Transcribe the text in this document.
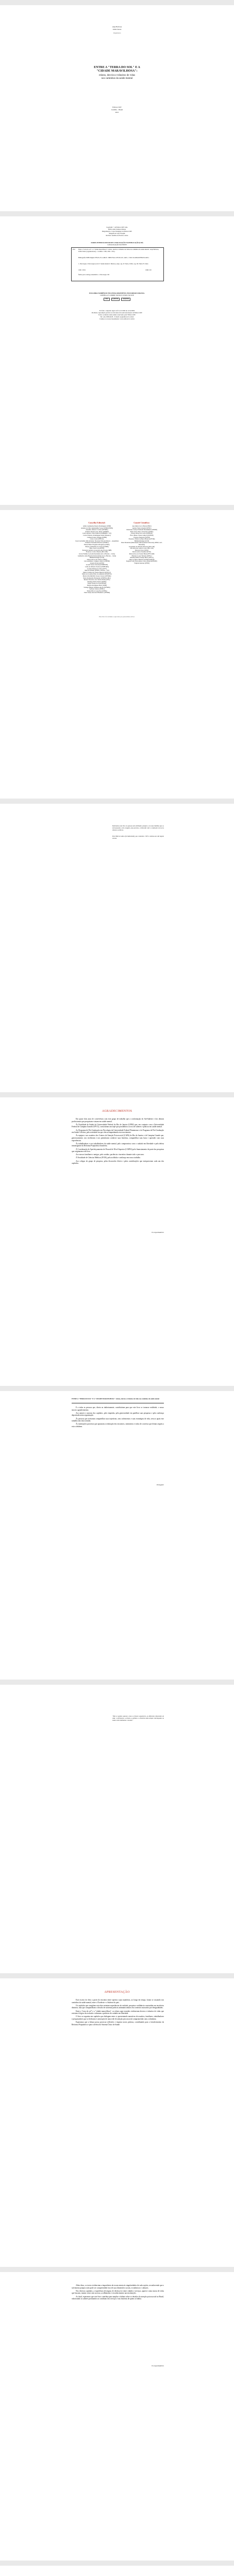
Anja Barbosa
Uilliz Vieira
Organizers
ENTRE A "TERRA DO SOL" E A
"CIDADE MARAVILHOSA":
relatos, desvios e trânsitos de vidas
nos caminhos da saúde mental
Editora CRV
Curitiba – Brasil
2021
Copyright © da Editora CRV Ltda.
Editor-chefe: Railson Moura
Diagramação e Capa: Designers da Editora CRV
Imagem de Capa: Freepik
Revisão: Analista de Escrita e Artes
DADOS INTERNACIONAIS DE CATALOGAÇÃO NA PUBLICAÇÃO (CIP)
CATALOGAÇÃO NA FONTE
E61 Entre a "terra do sol" e a "cidade maravilhosa": relatos, desvios e trânsitos de vidas nos caminhos da saúde mental / Anja Barbosa, Uilliz Vieira (organizadores) – Curitiba : CRV, 2021. 130 p.
Bibliografia ISBN Digital 978-65-251-1466-8 / ISBN Físico 978-65-251-1465-1 / DOI 10.24824/978652511465.1
1. Psicologia 2. Psicologia social 3. Saúde mental I. Barbosa, Anja. org. II. Vieira, Uilliz. org. III. Título IV. Série
CDU 159.9	CDD 150
Índice para catálogo sistemático 1. Psicologia 150
ESTA OBRA TAMBÉM SE ENCONTRA DISPONÍVEL EM FORMATO DIGITAL.
CONHEÇA E COMPRE NOSSOS LIVROS NO SITE
CRV	E-BOOK	AMAZON
Foi feito o depósito legal conf. Lei 10.994 de 14/12/2004
Proibida a reprodução parcial ou total desta obra sem autorização da Editora CRV
Todos os direitos desta edição reservados pela: Editora CRV
Tel.: (41) 3039-6418 – E-mail: sac@editoracrv.com.br
Conheça os nossos lançamentos: www.editoracrv.com.br
Conselho Editorial:	Comitê Científico:
Aldira Guimarães Duarte Domínguez (UNB)
Andréia da Silva Quintanilha Sousa (UNIR/UFRN)
Anselmo Alencar Colares (UFOPA)
Antônio Pereira Gaio Júnior (UFRRJ)
Carlos Alberto Vilar Estêvão (UMINHO – PT)
Carlos Federico Dominguez Avila (Unieuro)
Carmen Tereza Velanga (UNIR)
Celso Conti (UFSCar)
Cesar Gerónimo Tello (Univer. Nacional Três de Febrero – Argentina)
Eduardo Fernandes Barbosa (UFMG)
Elione Maria Nogueira Diogenes (UFAL)
Elizeu Clementino de Souza (UNEB)
Élsio José Corá (UFFS)
Fernando Antônio Gonçalves Alcoforado (IPB)
Francisco Carlos Duarte (PUC-PR)
Gloria Fariñas León (Universidade de La Havana – Cuba)
Guillermo Arias Beatón (Universidade de La Havana – Cuba)
Helmuth Krüger (UCP)
Jailson Alves dos Santos (UFRJ)
João Adalberto Campato Junior (UNESP)
Josania Portela (UFPI)
Leonel Severo Rocha (UNISINOS)
Lídia de Oliveira Xavier (UNIEURO)
Lourdes Helena da Silva (UFV)
Marcelo Paixão (UFRJ e UTexas – US)
Maria Cristina dos Santos Bezerra (UFSCar)
Maria de Lourdes Pinto de Almeida (UNOESC)
Maria Lília Imbiriba Sousa Colares (UFOPA)
Paulo Romualdo Hernandes (UNIFAL-MG)
Renato Francisco dos Santos Paula (UFG)
Rodrigo Pratte-Santos (UFES)
Sérgio Nunes de Jesus (IFRO)
Simone Rodrigues Pinto (UNB)
Solange Helena Ximenes-Rocha (UFOPA)
Sydione Santos (UEPG)
Tadeu Oliver Gonçalves (UFPA)
Tania Suely Azevedo Brasileiro (UFOPA)
Ana Maria Jacó-Vilela (UERJ)
Andrea Vieira Zanella (UFSC)
Christiane Carrijo Eckhardt Mouammar (UNESP)
Edna Lúcia Tinoco Ponciano (UERJ)
Edson Olivari de Castro (UNESP)
Érico Bruno Viana Campos (UNESP)
Fauston Negreiros (UFPI)
Francisco Nilton Gomes Oliveira (UFSM)
Helmuth Krüger (UCP)
Ilana Mountian (Manchester Metropolitan University, MMU, Grã-Bretanha)
Jacqueline de Oliveira Moreira (PUC-SP)
João Ricardo Lebert Cozac (PUC-SP)
Marcelo Porto (UEG)
Marcia Alves Tassinari (USU)
Maria Alves de Toledo Bruns (FFCLRP)
Mariana Lopez Teixeira (UFSC)
Monilly Ramos Araújo Melo (UFCG)
Olga Ceciliato Mattioli (ASSIS/UNESP)
Regina Célia Faria Amaro Giora (MACKENZIE)
Virginia Kastrup (UFRJ)
Este livro foi avaliado e aprovado por pareceristas ad hoc.
Dedicamos este livro às pessoas em sofrimento psíquico e às suas famílias que ao atravessarem, com coragem, esse percurso, colaboram com a construção de novos saberes e práticas.
Para Márcia Lemos (in memoriam), que construiu o SUS e deixou-nos um legado de luta.
AGRADECIMENTOS

Em quase dois anos de convivência com este grupo de trabalho que a conformação do Sul-Sudeste e dos demais profissionais que pesquisam e atuam em saúde mental.

Às Faculdade de Saúde da Universidade Federal do Rio de Janeiro (UFRJ) que, em conjunto com a Universidade Federal de Campina Grande (UFCG), construíram um tripé que possibilitou a troca de saberes e práticas em saúde mental.

Ao Programa de Pós-Graduação em Psicologia da Universidade Federal Fluminense e do Programa de Pós-Graduação em Saúde Coletiva, pela seriedade em que vêm acompanhando esse movimento.

Às equipes e aos usuários dos Centros de Atenção Psicossocial (CAPS) do Rio de Janeiro e de Campina Grande que, generosamente, nos receberam e nos permitiram conhecer suas histórias, compartilhar suas lutas e aprender com suas experiências.

Às trabalhadoras e aos trabalhadores da saúde mental, pelo compromisso com o cuidado em liberdade e pela defesa intransigente da Reforma Psiquiátrica brasileira.

À Coordenação de Aperfeiçoamento de Pessoal de Nível Superior (CAPES) pelo financiamento de parte das pesquisas que originaram este livro.

Aos nossos familiares e amigos, pelo carinho, paciência e incentivo durante todo o percurso.

À Faculdade de Ciências Médicas (FCM), pela acolhida e confiança em nosso trabalho.

Aos colegas do grupo de pesquisa, pelas discussões férteis e pelas contribuições que enriqueceram cada um dos capítulos.

Os organizadores
ENTRE A "TERRA DO SOL" E A "CIDADE MARAVILHOSA": relatos, desvios e trânsitos de vidas nos caminhos da saúde mental

E a todas as pessoas que, direta ou indiretamente, contribuíram para que este livro se tornasse realidade, o nosso sincero agradecimento.

Aos autores e autoras dos capítulos, pelo empenho, pela generosidade em partilhar suas pesquisas e pela confiança depositada nesta organização.

Às pessoas que aceitaram compartilhar suas trajetórias, seus sofrimentos e suas estratégias de vida, sem as quais este trabalho não teria sentido.

Às instituições parceiras que apoiaram a realização dos encontros, seminários e rodas de conversa que deram origem a esta coletânea.

Obrigado!
"Não se podem separar, como se fossem separáveis, as diferentes dimensões de vida: o sofrimento, a cultura, a política e a história estão sempre entrelaçados no modo como habitamos o mundo."
APRESENTAÇÃO

Este escrito foi feito a partir do encontro entre sujeitos cujas trajetórias, ao longo do tempo, foram se cruzando nos caminhos da saúde mental, entre o Nordeste e o Sudeste do país.

Os capítulos que compõem esta obra retratam experiências de cuidado, pesquisa e militância construídas em territórios distintos, mas que compartilham o desafio de sustentar práticas antimanicomiais em contextos marcados por desigualdades.

Entre a "terra do sol" e a "cidade maravilhosa", os relatos aqui reunidos evidenciam desvios e trânsitos de vidas que resistem à lógica da exclusão e afirmam a potência do cuidado em liberdade.

O livro se organiza em capítulos que dialogam entre si, apresentando narrativas de usuários, familiares, trabalhadores e pesquisadores que se dedicam à construção de uma rede de atenção psicossocial comprometida com a cidadania.

Esperamos que a leitura possa provocar reflexões e inspirar novas práticas, contribuindo para o fortalecimento da Reforma Psiquiátrica e para a defesa do Sistema Único de Saúde.

Além disso, os textos evidenciam a importância da escuta atenta às singularidades de cada sujeito, reconhecendo que o sofrimento psíquico não pode ser compreendido fora de suas dimensões sociais, econômicas e culturais.

Nos diversos capítulos, a experiência de migrar, de deslocar-se entre cidades e serviços, aparece como marca de vidas que buscam, muitas vezes sem sucesso, acolhimento e reconhecimento nas instituições.

Ao final, esperamos que este livro contribua para ampliar o debate sobre os desafios da atenção psicossocial no Brasil, valorizando os saberes produzidos no cotidiano dos serviços e nas histórias de quem os habita.

Os organizadores
